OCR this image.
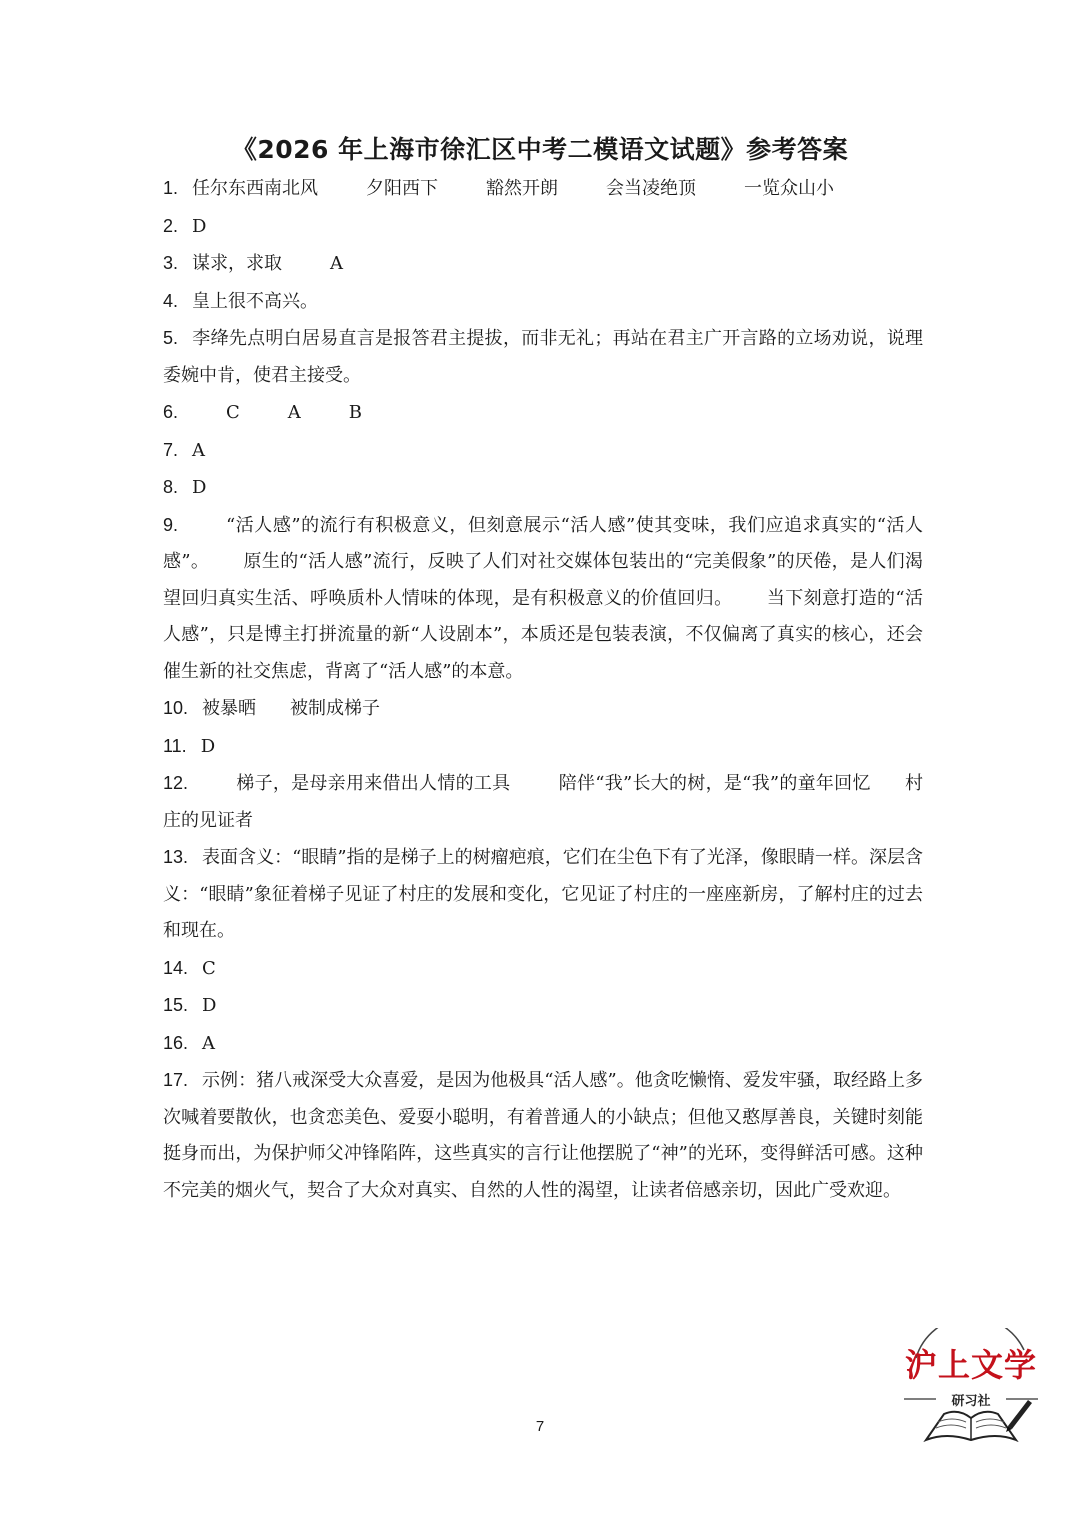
《2026 年上海市徐汇区中考二模语文试题》参考答案

1. 任尔东西南北风	夕阳西下	豁然开朗	会当凌绝顶	一览众山小

2. D

3. 谋求，求取	A

4. 皇上很不高兴。

5. 李绛先点明白居易直言是报答君主提拔，而非无礼；再站在君主广开言路的立场劝说，说理委婉中肯，使君主接受。

6.	C	A	B

7. A

8. D

9.	“活人感”的流行有积极意义，但刻意展示“活人感”使其变味，我们应追求真实的“活人感”。 原生的“活人感”流行，反映了人们对社交媒体包装出的“完美假象”的厌倦，是人们渴望回归真实生活、呼唤质朴人情味的体现，是有积极意义的价值回归。 当下刻意打造的“活人感”，只是博主打拼流量的新“人设剧本”，本质还是包装表演，不仅偏离了真实的核心，还会催生新的社交焦虑，背离了“活人感”的本意。

10. 被暴晒 被制成梯子

11. D

12.	梯子，是母亲用来借出人情的工具	陪伴“我”长大的树，是“我”的童年回忆 村庄的见证者

13. 表面含义：“眼睛”指的是梯子上的树瘤疤痕，它们在尘色下有了光泽，像眼睛一样。深层含义：“眼睛”象征着梯子见证了村庄的发展和变化，它见证了村庄的一座座新房，了解村庄的过去和现在。

14. C

15. D

16. A

17. 示例：猪八戒深受大众喜爱，是因为他极具“活人感”。他贪吃懒惰、爱发牢骚，取经路上多次喊着要散伙，也贪恋美色、爱耍小聪明，有着普通人的小缺点；但他又憨厚善良，关键时刻能挺身而出，为保护师父冲锋陷阵，这些真实的言行让他摆脱了“神”的光环，变得鲜活可感。这种不完美的烟火气，契合了大众对真实、自然的人性的渴望，让读者倍感亲切，因此广受欢迎。

沪上文学
研习社
7
